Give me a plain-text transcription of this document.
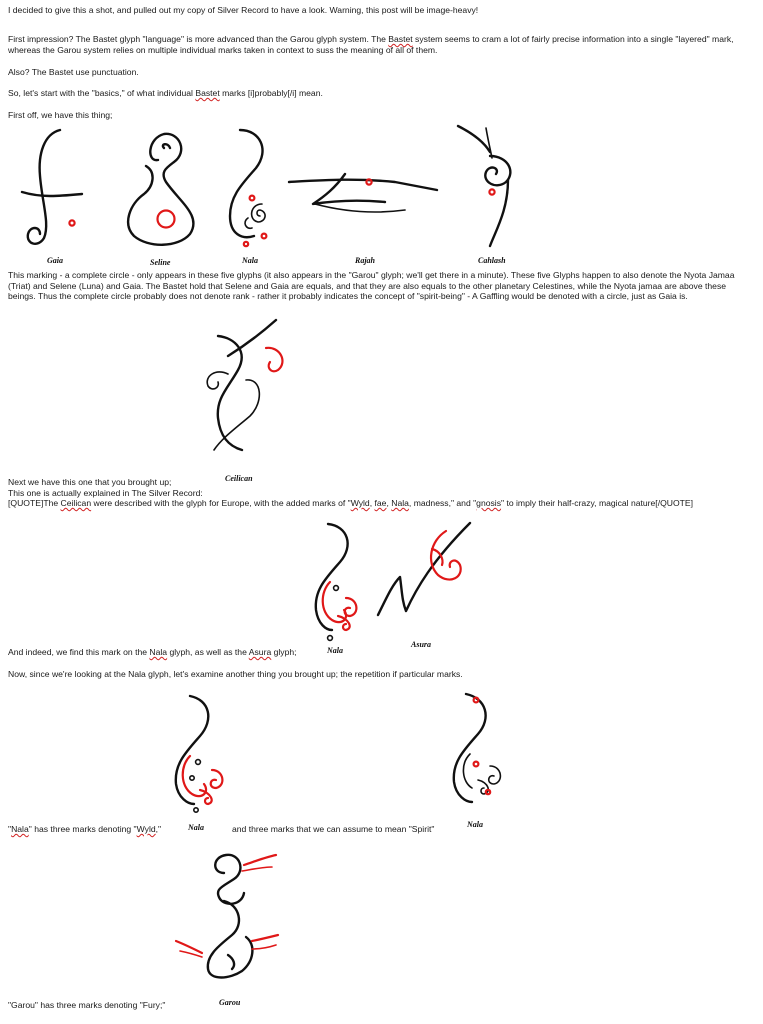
I decided to give this a shot, and pulled out my copy of Silver Record to have a look. Warning, this post will be image-heavy!

First impression? The Bastet glyph "language" is more advanced than the Garou glyph system. The Bastet system seems to cram a lot of fairly precise information into a single "layered" mark,
whereas the Garou system relies on multiple individual marks taken in context to suss the meaning of all of them.

Also? The Bastet use punctuation.

So, let's start with the "basics," of what individual Bastet marks [i]probably[/i] mean.

First off, we have this thing;

Gaia	Seline	Nala	Rajah	Cahlash

This marking - a complete circle - only appears in these five glyphs (it also appears in the "Garou" glyph; we'll get there in a minute). These five Glyphs happen to also denote the Nyota Jamaa (Triat) and Selene (Luna) and Gaia. The Bastet hold that Selene and Gaia are equals, and that they are also equals to the other planetary Celestines, while the Nyota jamaa are above these beings. Thus the complete circle probably does not denote rank - rather it probably indicates the concept of "spirit-being" - A Gaffling would be denoted with a circle, just as Gaia is.

Ceilican

Next we have this one that you brought up;
This one is actually explained in The Silver Record:
[QUOTE]The Ceilican were described with the glyph for Europe, with the added marks of "Wyld, fae, Nala, madness," and "gnosis" to imply their half-crazy, magical nature[/QUOTE]

Nala
Asura

And indeed, we find this mark on the Nala glyph, as well as the Asura glyph;

Now, since we're looking at the Nala glyph, let's examine another thing you brought up; the repetition if particular marks.

Nala	Nala

"Nala" has three marks denoting "Wyld,"	and three marks that we can assume to mean "Spirit"

Garou

"Garou" has three marks denoting "Fury;"
